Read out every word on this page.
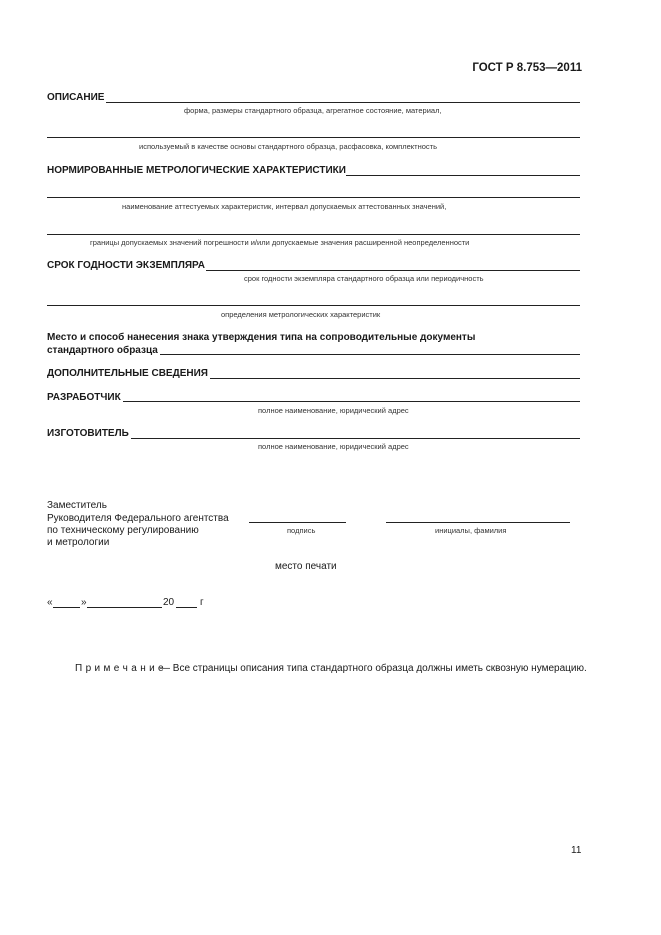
ГОСТ Р 8.753—2011
ОПИСАНИЕ
форма, размеры стандартного образца, агрегатное состояние, материал,
используемый в качестве основы стандартного образца, расфасовка, комплектность
НОРМИРОВАННЫЕ МЕТРОЛОГИЧЕСКИЕ ХАРАКТЕРИСТИКИ
наименование аттестуемых характеристик, интервал допускаемых аттестованных значений,
границы допускаемых значений погрешности и/или допускаемые значения расширенной неопределенности
СРОК ГОДНОСТИ ЭКЗЕМПЛЯРА
срок годности экземпляра стандартного образца или периодичность
определения метрологических характеристик
Место и способ нанесения знака утверждения типа на сопроводительные документы
стандартного образца
ДОПОЛНИТЕЛЬНЫЕ СВЕДЕНИЯ
РАЗРАБОТЧИК
полное наименование, юридический адрес
ИЗГОТОВИТЕЛЬ
полное наименование, юридический адрес
Заместитель
Руководителя Федерального агентства
по техническому регулированию
и метрологии
подпись	инициалы, фамилия
место печати
«	»	20	г
П р и м е ч а н и е
— Все страницы описания типа стандартного образца должны иметь сквозную нумерацию.
11
